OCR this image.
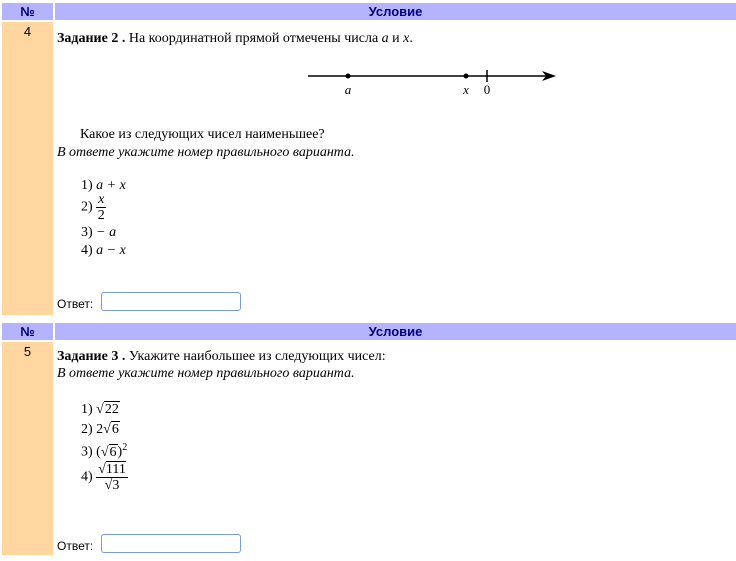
№	Условие
4	Задание 2 . На координатной прямой отмечены числа a и x.
a	x 0
Какое из следующих чисел наименьшее?
В ответе укажите номер правильного варианта.
1) a + x
$2) \frac{x}{2}$
3) − a
4) a − x
Ответ:
№	Условие
5	Задание 3 . Укажите наибольшее из следующих чисел:
В ответе укажите номер правильного варианта.
1) √22
2) 2√6
3) $(√6)^2$
$4) \frac{√111}{√3}$
Ответ:
